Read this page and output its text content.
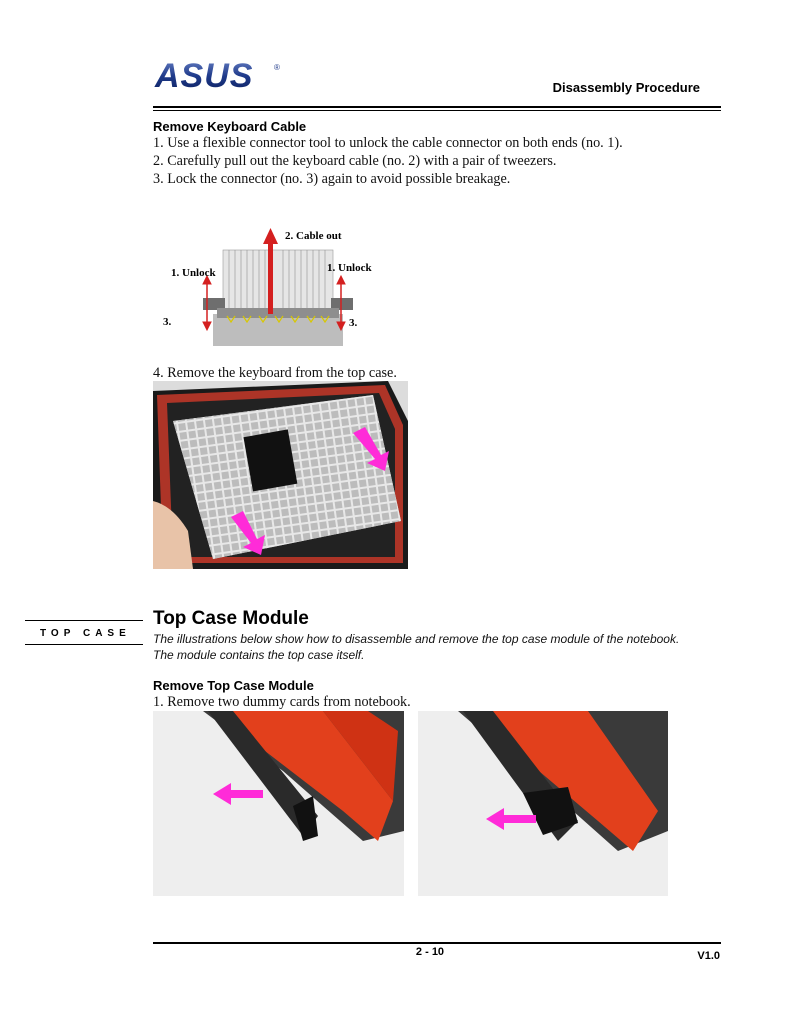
ASUS	®
Disassembly Procedure
Remove Keyboard Cable
1. Use a flexible connector tool to unlock the cable connector on both ends (no. 1).
2. Carefully pull out the keyboard cable (no. 2) with a pair of tweezers.
3. Lock the connector (no. 3) again to avoid possible breakage.
2. Cable out
1. Unlock	1. Unlock
3.	3.
4. Remove the keyboard from the top case.
TOP CASE
Top Case Module
The illustrations below show how to disassemble and remove the top case module of the notebook.
The module contains the top case itself.
Remove Top Case Module
1. Remove two dummy cards from notebook.
2 - 10	V1.0
